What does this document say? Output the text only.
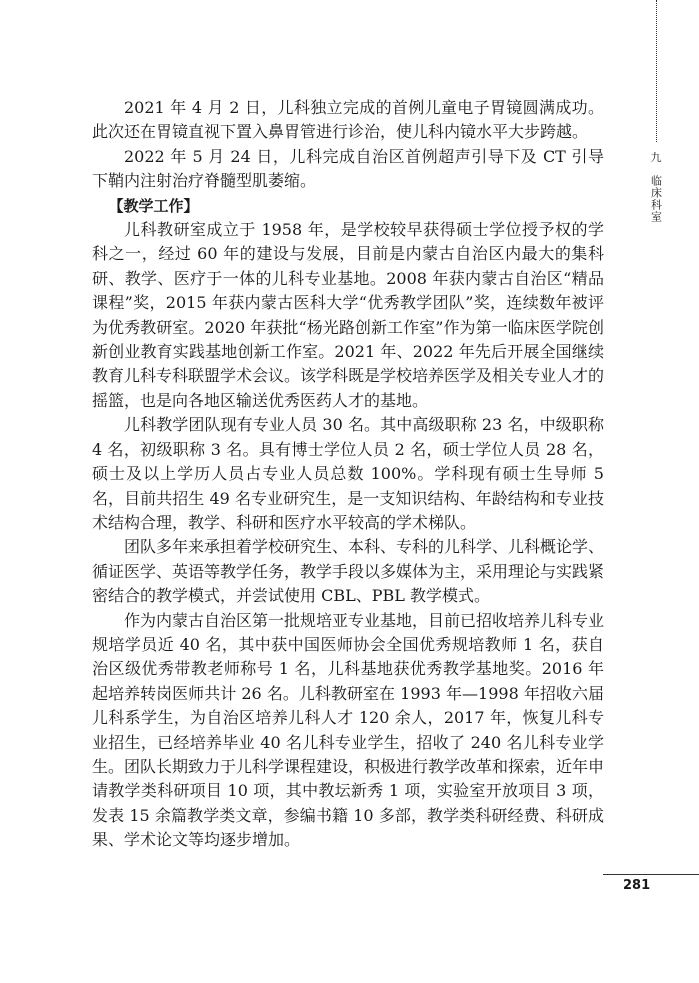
九
临床科室

2021 年 4 月 2 日，儿科独立完成的首例儿童电子胃镜圆满成功。此次还在胃镜直视下置入鼻胃管进行诊治，使儿科内镜水平大步跨越。

2022 年 5 月 24 日，儿科完成自治区首例超声引导下及 CT 引导下鞘内注射治疗脊髓型肌萎缩。

【教学工作】

儿科教研室成立于 1958 年，是学校较早获得硕士学位授予权的学科之一，经过 60 年的建设与发展，目前是内蒙古自治区内最大的集科研、教学、医疗于一体的儿科专业基地。2008 年获内蒙古自治区“精品课程”奖，2015 年获内蒙古医科大学“优秀教学团队”奖，连续数年被评为优秀教研室。2020 年获批“杨光路创新工作室”作为第一临床医学院创新创业教育实践基地创新工作室。2021 年、2022 年先后开展全国继续教育儿科专科联盟学术会议。该学科既是学校培养医学及相关专业人才的摇篮，也是向各地区输送优秀医药人才的基地。

儿科教学团队现有专业人员 30 名。其中高级职称 23 名，中级职称 4 名，初级职称 3 名。具有博士学位人员 2 名，硕士学位人员 28 名，硕士及以上学历人员占专业人员总数 100%。学科现有硕士生导师 5 名，目前共招生 49 名专业研究生，是一支知识结构、年龄结构和专业技术结构合理，教学、科研和医疗水平较高的学术梯队。

团队多年来承担着学校研究生、本科、专科的儿科学、儿科概论学、循证医学、英语等教学任务，教学手段以多媒体为主，采用理论与实践紧密结合的教学模式，并尝试使用 CBL、PBL 教学模式。

作为内蒙古自治区第一批规培亚专业基地，目前已招收培养儿科专业规培学员近 40 名，其中获中国医师协会全国优秀规培教师 1 名，获自治区级优秀带教老师称号 1 名，儿科基地获优秀教学基地奖。2016 年起培养转岗医师共计 26 名。儿科教研室在 1993 年—1998 年招收六届儿科系学生，为自治区培养儿科人才 120 余人，2017 年，恢复儿科专业招生，已经培养毕业 40 名儿科专业学生，招收了 240 名儿科专业学生。团队长期致力于儿科学课程建设，积极进行教学改革和探索，近年申请教学类科研项目 10 项，其中教坛新秀 1 项，实验室开放项目 3 项，发表 15 余篇教学类文章，参编书籍 10 多部，教学类科研经费、科研成果、学术论文等均逐步增加。

281
